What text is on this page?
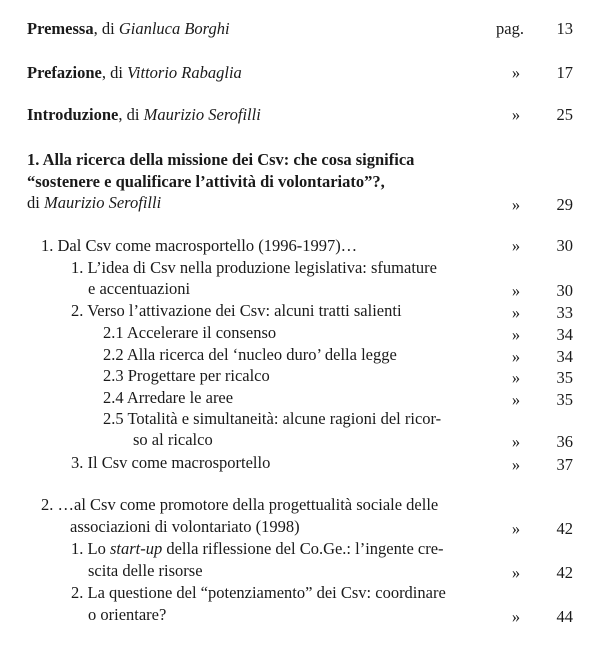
Premessa, di Gianluca Borghi	pag. 13
Prefazione, di Vittorio Rabaglia	»	17
Introduzione, di Maurizio Serofilli	»	25
1. Alla ricerca della missione dei Csv: che cosa significa
“sostenere e qualificare l’attività di volontariato”?,
di Maurizio Serofilli	»	29
1. Dal Csv come macrosportello (1996-1997)…	»	30
1. L’idea di Csv nella produzione legislativa: sfumature
e accentuazioni	»	30
2. Verso l’attivazione dei Csv: alcuni tratti salienti	»	33
2.1 Accelerare il consenso	»	34
2.2 Alla ricerca del ‘nucleo duro’ della legge	»	34
2.3 Progettare per ricalco	»	35
2.4 Arredare le aree	»	35
2.5 Totalità e simultaneità: alcune ragioni del ricor-
so al ricalco	»	36
3. Il Csv come macrosportello	»	37
2. …al Csv come promotore della progettualità sociale delle
associazioni di volontariato (1998)	»	42
1. Lo start-up della riflessione del Co.Ge.: l’ingente cre-
scita delle risorse	»	42
2. La questione del “potenziamento” dei Csv: coordinare
o orientare?	»	44
